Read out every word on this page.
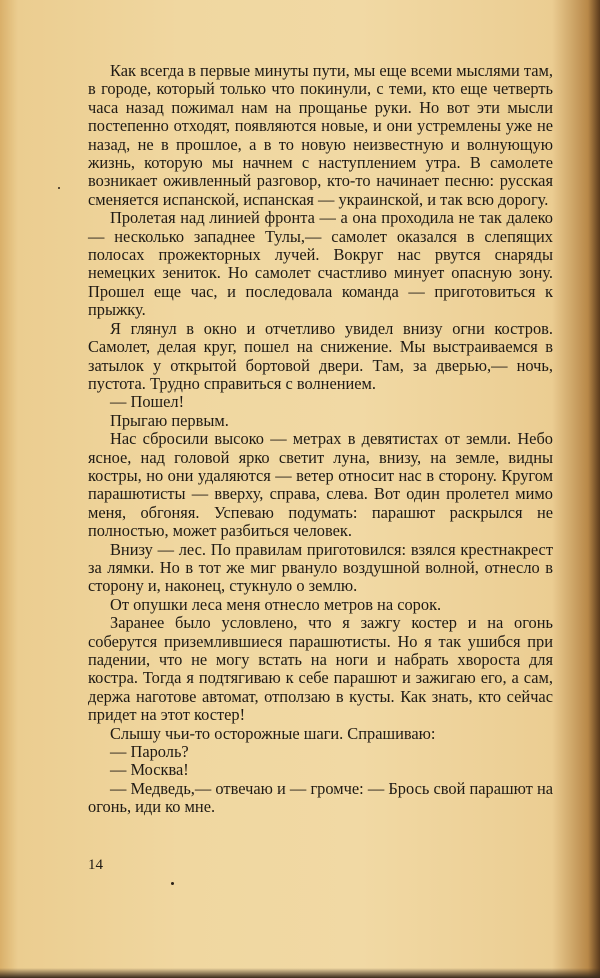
Как всегда в первые минуты пути, мы еще всеми мыслями там, в городе, который только что покинули, с теми, кто еще четверть часа назад пожимал нам на прощанье руки. Но вот эти мысли постепенно отходят, появляются новые, и они устремлены уже не назад, не в прошлое, а в то новую неизвестную и волнующую жизнь, которую мы начнем с наступлением утра. В самолете возникает оживленный разговор, кто-то начинает песню: русская сменяется испанской, испанская — украинской, и так всю дорогу.

Пролетая над линией фронта — а она проходила не так далеко — несколько западнее Тулы,— самолет оказался в слепящих полосах прожекторных лучей. Вокруг нас рвутся снаряды немецких зениток. Но самолет счастливо минует опасную зону. Прошел еще час, и последовала команда — приготовиться к прыжку.

Я глянул в окно и отчетливо увидел внизу огни костров. Самолет, делая круг, пошел на снижение. Мы выстраиваемся в затылок у открытой бортовой двери. Там, за дверью,— ночь, пустота. Трудно справиться с волнением.

— Пошел!

Прыгаю первым.

Нас сбросили высоко — метрах в девятистах от земли. Небо ясное, над головой ярко светит луна, внизу, на земле, видны костры, но они удаляются — ветер относит нас в сторону. Кругом парашютисты — вверху, справа, слева. Вот один пролетел мимо меня, обгоняя. Успеваю подумать: парашют раскрылся не полностью, может разбиться человек.

Внизу — лес. По правилам приготовился: взялся крестнакрест за лямки. Но в тот же миг рвануло воздушной волной, отнесло в сторону и, наконец, стукнуло о землю.

От опушки леса меня отнесло метров на сорок.

Заранее было условлено, что я зажгу костер и на огонь соберутся приземлившиеся парашютисты. Но я так ушибся при падении, что не могу встать на ноги и набрать хвороста для костра. Тогда я подтягиваю к себе парашют и зажигаю его, а сам, держа наготове автомат, отползаю в кусты. Как знать, кто сейчас придет на этот костер!

Слышу чьи-то осторожные шаги. Спрашиваю:

— Пароль?

— Москва!

— Медведь,— отвечаю и — громче: — Брось свой парашют на огонь, иди ко мне.

14
